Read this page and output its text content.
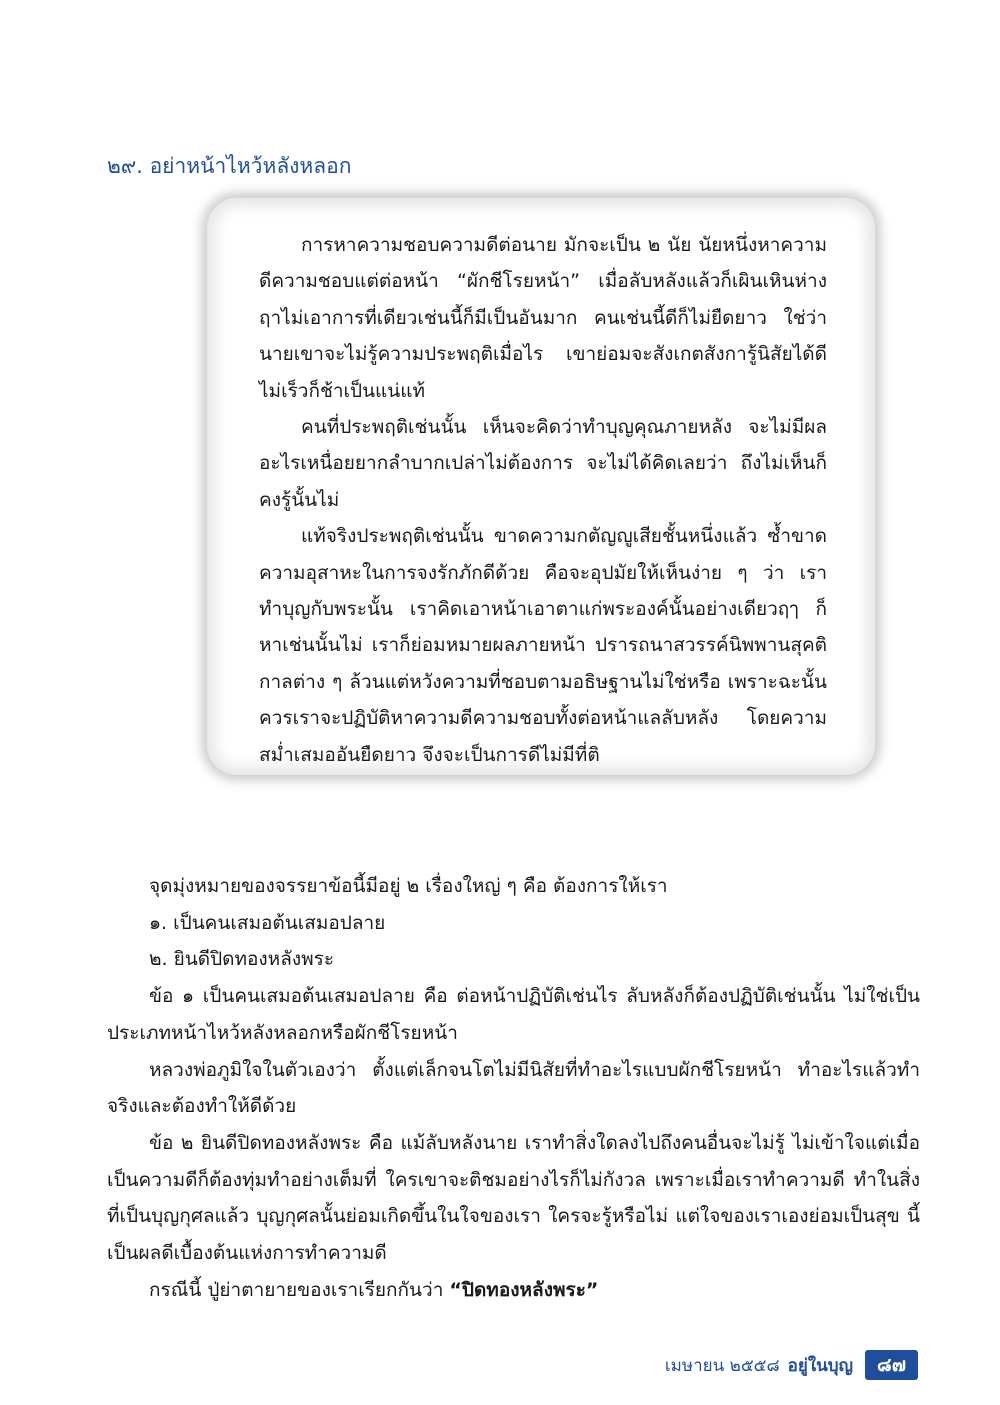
๒๙. อย่าหน้าไหว้หลังหลอก

การหาความชอบความดีต่อนาย มักจะเป็น ๒ นัย นัยหนึ่งหาความดีความชอบแต่ต่อหน้า “ผักชีโรยหน้า” เมื่อลับหลังแล้วก็เผินเหินห่าง ฤาไม่เอาการที่เดียวเช่นนี้ก็มีเป็นอันมาก คนเช่นนี้ดีก็ไม่ยืดยาว ใช่ว่านายเขาจะไม่รู้ความประพฤติเมื่อไร เขาย่อมจะสังเกตสังการู้นิสัยได้ดี ไม่เร็วก็ช้าเป็นแน่แท้

คนที่ประพฤติเช่นนั้น เห็นจะคิดว่าทำบุญคุณภายหลัง จะไม่มีผลอะไรเหนื่อยยากลำบากเปล่าไม่ต้องการ จะไม่ได้คิดเลยว่า ถึงไม่เห็นก็คงรู้นั้นไม่

แท้จริงประพฤติเช่นนั้น ขาดความกตัญญูเสียชั้นหนึ่งแล้ว ซ้ำขาดความอุสาหะในการจงรักภักดีด้วย คือจะอุปมัยให้เห็นง่าย ๆ ว่า เราทำบุญกับพระนั้น เราคิดเอาหน้าเอาตาแก่พระองค์นั้นอย่างเดียวฤๅ ก็หาเช่นนั้นไม่ เราก็ย่อมหมายผลภายหน้า ปรารถนาสวรรค์นิพพานสุคติกาลต่าง ๆ ล้วนแต่หวังความที่ชอบตามอธิษฐานไม่ใช่หรือ เพราะฉะนั้น ควรเราจะปฏิบัติหาความดีความชอบทั้งต่อหน้าแลลับหลัง โดยความสม่ำเสมออันยืดยาว จึงจะเป็นการดีไม่มีที่ติ

จุดมุ่งหมายของจรรยาข้อนี้มีอยู่ ๒ เรื่องใหญ่ ๆ คือ ต้องการให้เรา

๑. เป็นคนเสมอต้นเสมอปลาย

๒. ยินดีปิดทองหลังพระ

ข้อ ๑ เป็นคนเสมอต้นเสมอปลาย คือ ต่อหน้าปฏิบัติเช่นไร ลับหลังก็ต้องปฏิบัติเช่นนั้น ไม่ใช่เป็นประเภทหน้าไหว้หลังหลอกหรือผักชีโรยหน้า

หลวงพ่อภูมิใจในตัวเองว่า ตั้งแต่เล็กจนโตไม่มีนิสัยที่ทำอะไรแบบผักชีโรยหน้า ทำอะไรแล้วทำจริงและต้องทำให้ดีด้วย

ข้อ ๒ ยินดีปิดทองหลังพระ คือ แม้ลับหลังนาย เราทำสิ่งใดลงไปถึงคนอื่นจะไม่รู้ ไม่เข้าใจแต่เมื่อเป็นความดีก็ต้องทุ่มทำอย่างเต็มที่ ใครเขาจะติชมอย่างไรก็ไม่กังวล เพราะเมื่อเราทำความดี ทำในสิ่งที่เป็นบุญกุศลแล้ว บุญกุศลนั้นย่อมเกิดขึ้นในใจของเรา ใครจะรู้หรือไม่ แต่ใจของเราเองย่อมเป็นสุข นี้เป็นผลดีเบื้องต้นแห่งการทำความดี

กรณีนี้ ปู่ย่าตายายของเราเรียกกันว่า “ปิดทองหลังพระ”

เมษายน ๒๕๕๘ อยู่ในบุญ	๘๗
